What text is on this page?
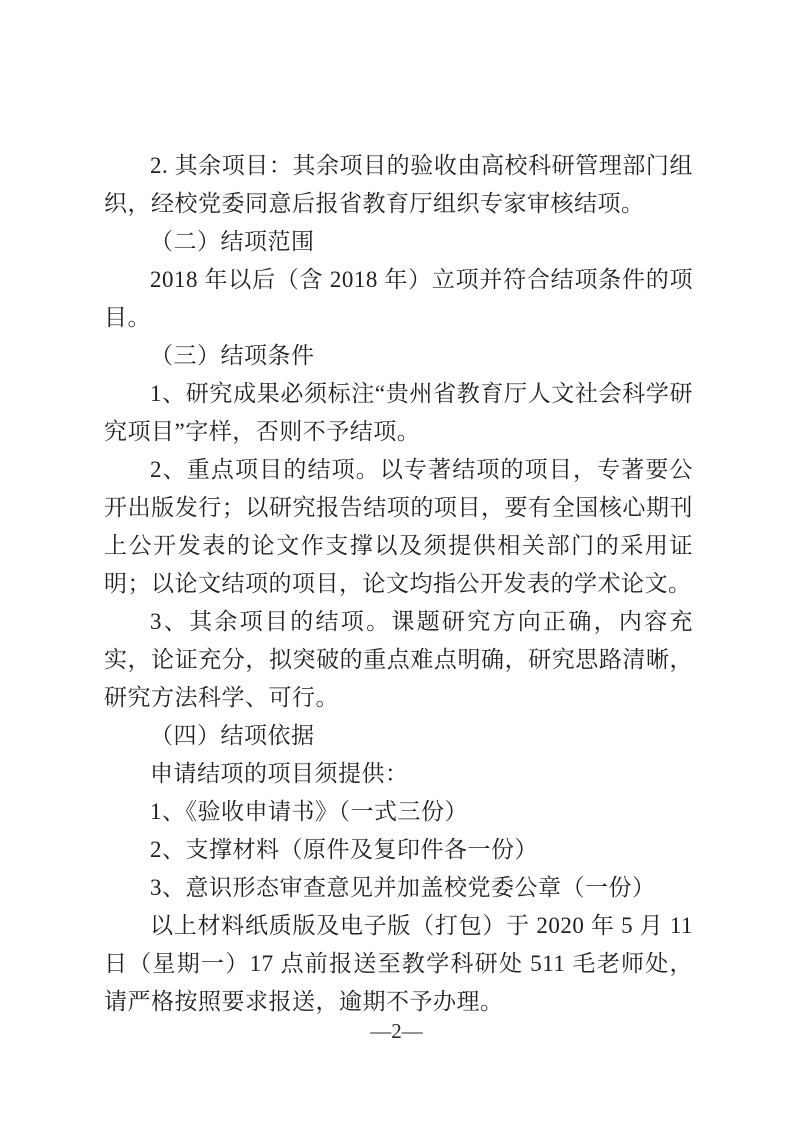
2. 其余项目：其余项目的验收由高校科研管理部门组织，经校党委同意后报省教育厅组织专家审核结项。

（二）结项范围

2018 年以后（含 2018 年）立项并符合结项条件的项目。

（三）结项条件

1、研究成果必须标注“贵州省教育厅人文社会科学研究项目”字样，否则不予结项。

2、重点项目的结项。以专著结项的项目，专著要公开出版发行；以研究报告结项的项目，要有全国核心期刊上公开发表的论文作支撑以及须提供相关部门的采用证明；以论文结项的项目，论文均指公开发表的学术论文。

3、其余项目的结项。课题研究方向正确，内容充实，论证充分，拟突破的重点难点明确，研究思路清晰，研究方法科学、可行。

（四）结项依据

申请结项的项目须提供：

1、《验收申请书》（一式三份）

2、支撑材料（原件及复印件各一份）

3、意识形态审查意见并加盖校党委公章（一份）

以上材料纸质版及电子版（打包）于 2020 年 5 月 11 日（星期一）17 点前报送至教学科研处 511 毛老师处，请严格按照要求报送，逾期不予办理。

—2—
